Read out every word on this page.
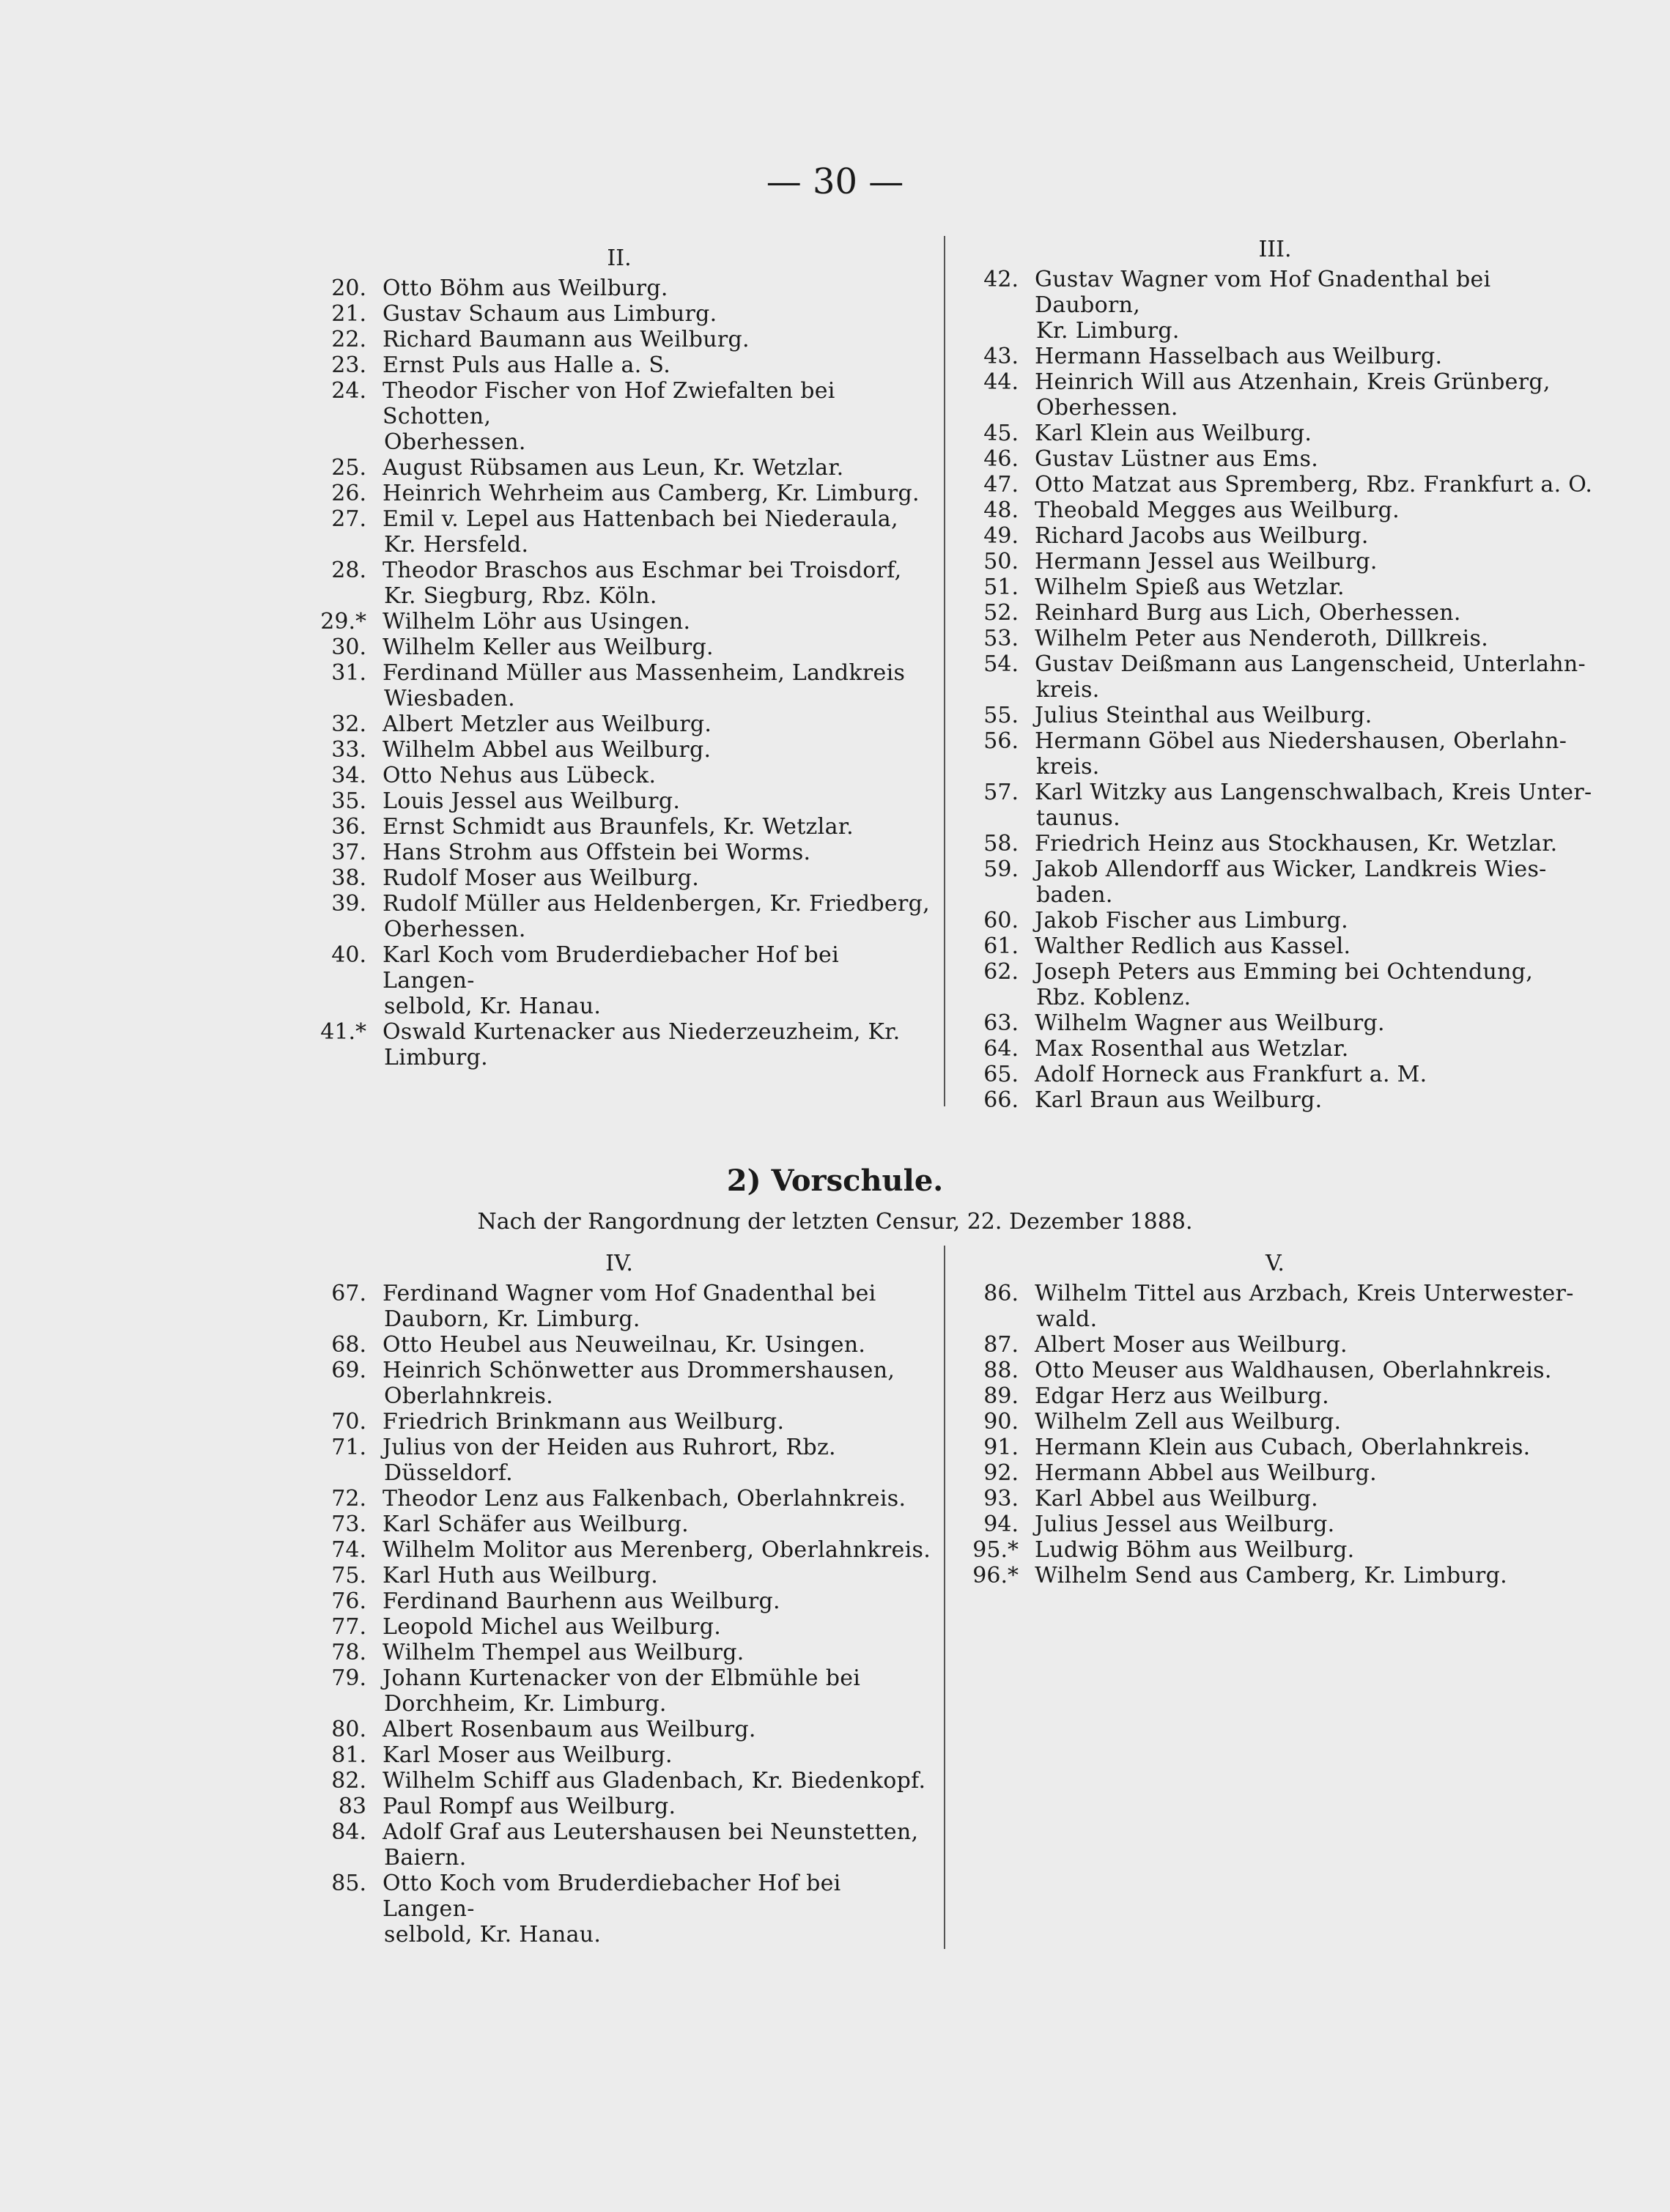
— 30 —
II.
20. Otto Böhm aus Weilburg.
21. Gustav Schaum aus Limburg.
22. Richard Baumann aus Weilburg.
23. Ernst Puls aus Halle a. S.
24. Theodor Fischer von Hof Zwiefalten bei Schotten,
Oberhessen.
25. August Rübsamen aus Leun, Kr. Wetzlar.
26. Heinrich Wehrheim aus Camberg, Kr. Limburg.
27. Emil v. Lepel aus Hattenbach bei Niederaula,
Kr. Hersfeld.
28. Theodor Braschos aus Eschmar bei Troisdorf,
Kr. Siegburg, Rbz. Köln.
29.* Wilhelm Löhr aus Usingen.
30. Wilhelm Keller aus Weilburg.
31. Ferdinand Müller aus Massenheim, Landkreis
Wiesbaden.
32. Albert Metzler aus Weilburg.
33. Wilhelm Abbel aus Weilburg.
34. Otto Nehus aus Lübeck.
35. Louis Jessel aus Weilburg.
36. Ernst Schmidt aus Braunfels, Kr. Wetzlar.
37. Hans Strohm aus Offstein bei Worms.
38. Rudolf Moser aus Weilburg.
39. Rudolf Müller aus Heldenbergen, Kr. Friedberg,
Oberhessen.
40. Karl Koch vom Bruderdiebacher Hof bei Langen-
selbold, Kr. Hanau.
41.* Oswald Kurtenacker aus Niederzeuzheim, Kr.
Limburg.
III.
42. Gustav Wagner vom Hof Gnadenthal bei Dauborn,
Kr. Limburg.
43. Hermann Hasselbach aus Weilburg.
44. Heinrich Will aus Atzenhain, Kreis Grünberg,
Oberhessen.
45. Karl Klein aus Weilburg.
46. Gustav Lüstner aus Ems.
47. Otto Matzat aus Spremberg, Rbz. Frankfurt a. O.
48. Theobald Megges aus Weilburg.
49. Richard Jacobs aus Weilburg.
50. Hermann Jessel aus Weilburg.
51. Wilhelm Spieß aus Wetzlar.
52. Reinhard Burg aus Lich, Oberhessen.
53. Wilhelm Peter aus Nenderoth, Dillkreis.
54. Gustav Deißmann aus Langenscheid, Unterlahn-
kreis.
55. Julius Steinthal aus Weilburg.
56. Hermann Göbel aus Niedershausen, Oberlahn-
kreis.
57. Karl Witzky aus Langenschwalbach, Kreis Unter-
taunus.
58. Friedrich Heinz aus Stockhausen, Kr. Wetzlar.
59. Jakob Allendorff aus Wicker, Landkreis Wies-
baden.
60. Jakob Fischer aus Limburg.
61. Walther Redlich aus Kassel.
62. Joseph Peters aus Emming bei Ochtendung,
Rbz. Koblenz.
63. Wilhelm Wagner aus Weilburg.
64. Max Rosenthal aus Wetzlar.
65. Adolf Horneck aus Frankfurt a. M.
66. Karl Braun aus Weilburg.
2) Vorschule.
Nach der Rangordnung der letzten Censur, 22. Dezember 1888.
IV.
67. Ferdinand Wagner vom Hof Gnadenthal bei
Dauborn, Kr. Limburg.
68. Otto Heubel aus Neuweilnau, Kr. Usingen.
69. Heinrich Schönwetter aus Drommershausen,
Oberlahnkreis.
70. Friedrich Brinkmann aus Weilburg.
71. Julius von der Heiden aus Ruhrort, Rbz.
Düsseldorf.
72. Theodor Lenz aus Falkenbach, Oberlahnkreis.
73. Karl Schäfer aus Weilburg.
74. Wilhelm Molitor aus Merenberg, Oberlahnkreis.
75. Karl Huth aus Weilburg.
76. Ferdinand Baurhenn aus Weilburg.
77. Leopold Michel aus Weilburg.
78. Wilhelm Thempel aus Weilburg.
79. Johann Kurtenacker von der Elbmühle bei
Dorchheim, Kr. Limburg.
80. Albert Rosenbaum aus Weilburg.
81. Karl Moser aus Weilburg.
82. Wilhelm Schiff aus Gladenbach, Kr. Biedenkopf.
83 Paul Rompf aus Weilburg.
84. Adolf Graf aus Leutershausen bei Neunstetten,
Baiern.
85. Otto Koch vom Bruderdiebacher Hof bei Langen-
selbold, Kr. Hanau.
V.
86. Wilhelm Tittel aus Arzbach, Kreis Unterwester-
wald.
87. Albert Moser aus Weilburg.
88. Otto Meuser aus Waldhausen, Oberlahnkreis.
89. Edgar Herz aus Weilburg.
90. Wilhelm Zell aus Weilburg.
91. Hermann Klein aus Cubach, Oberlahnkreis.
92. Hermann Abbel aus Weilburg.
93. Karl Abbel aus Weilburg.
94. Julius Jessel aus Weilburg.
95.* Ludwig Böhm aus Weilburg.
96.* Wilhelm Send aus Camberg, Kr. Limburg.
